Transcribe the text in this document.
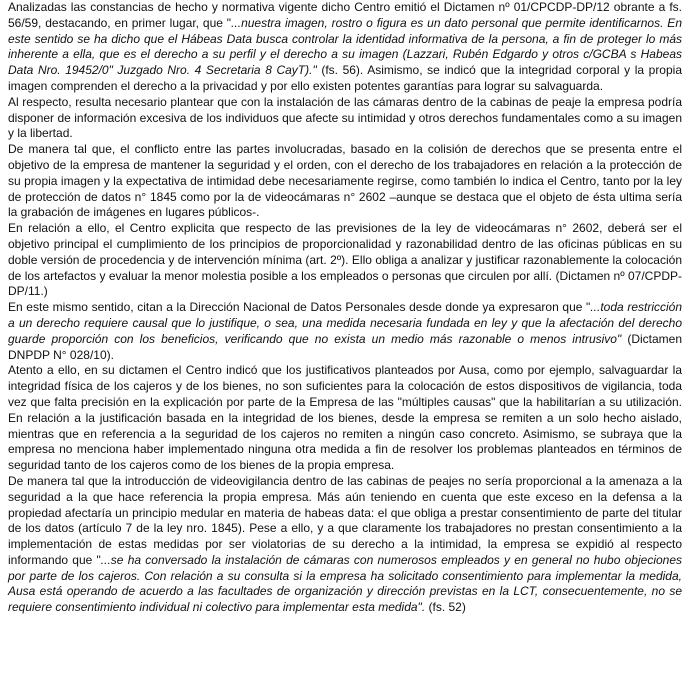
Analizadas las constancias de hecho y normativa vigente dicho Centro emitió el Dictamen nº 01/CPCDP-DP/12 obrante a fs. 56/59, destacando, en primer lugar, que "...nuestra imagen, rostro o figura es un dato personal que permite identificarnos. En este sentido se ha dicho que el Hábeas Data busca controlar la identidad informativa de la persona, a fin de proteger lo más inherente a ella, que es el derecho a su perfil y el derecho a su imagen (Lazzari, Rubén Edgardo y otros c/GCBA s Habeas Data Nro. 19452/0" Juzgado Nro. 4 Secretaria 8 CayT)." (fs. 56). Asimismo, se indicó que la integridad corporal y la propia imagen comprenden el derecho a la privacidad y por ello existen potentes garantías para lograr su salvaguarda.

Al respecto, resulta necesario plantear que con la instalación de las cámaras dentro de la cabinas de peaje la empresa podría disponer de información excesiva de los individuos que afecte su intimidad y otros derechos fundamentales como a su imagen y la libertad.

De manera tal que, el conflicto entre las partes involucradas, basado en la colisión de derechos que se presenta entre el objetivo de la empresa de mantener la seguridad y el orden, con el derecho de los trabajadores en relación a la protección de su propia imagen y la expectativa de intimidad debe necesariamente regirse, como también lo indica el Centro, tanto por la ley de protección de datos n° 1845 como por la de videocámaras n° 2602 –aunque se destaca que el objeto de ésta ultima sería la grabación de imágenes en lugares públicos-.

En relación a ello, el Centro explicita que respecto de las previsiones de la ley de videocámaras n° 2602, deberá ser el objetivo principal el cumplimiento de los principios de proporcionalidad y razonabilidad dentro de las oficinas públicas en su doble versión de procedencia y de intervención mínima (art. 2º). Ello obliga a analizar y justificar razonablemente la colocación de los artefactos y evaluar la menor molestia posible a los empleados o personas que circulen por allí. (Dictamen nº 07/CPDP-DP/11.)

En este mismo sentido, citan a la Dirección Nacional de Datos Personales desde donde ya expresaron que "...toda restricción a un derecho requiere causal que lo justifique, o sea, una medida necesaria fundada en ley y que la afectación del derecho guarde proporción con los beneficios, verificando que no exista un medio más razonable o menos intrusivo" (Dictamen DNPDP N° 028/10).

Atento a ello, en su dictamen el Centro indicó que los justificativos planteados por Ausa, como por ejemplo, salvaguardar la integridad física de los cajeros y de los bienes, no son suficientes para la colocación de estos dispositivos de vigilancia, toda vez que falta precisión en la explicación por parte de la Empresa de las "múltiples causas" que la habilitarían a su utilización. En relación a la justificación basada en la integridad de los bienes, desde la empresa se remiten a un solo hecho aislado, mientras que en referencia a la seguridad de los cajeros no remiten a ningún caso concreto. Asimismo, se subraya que la empresa no menciona haber implementado ninguna otra medida a fin de resolver los problemas planteados en términos de seguridad tanto de los cajeros como de los bienes de la propia empresa.

De manera tal que la introducción de videovigilancia dentro de las cabinas de peajes no sería proporcional a la amenaza a la seguridad a la que hace referencia la propia empresa. Más aún teniendo en cuenta que este exceso en la defensa a la propiedad afectaría un principio medular en materia de habeas data: el que obliga a prestar consentimiento de parte del titular de los datos (artículo 7 de la ley nro. 1845). Pese a ello, y a que claramente los trabajadores no prestan consentimiento a la implementación de estas medidas por ser violatorias de su derecho a la intimidad, la empresa se expidió al respecto informando que "...se ha conversado la instalación de cámaras con numerosos empleados y en general no hubo objeciones por parte de los cajeros. Con relación a su consulta si la empresa ha solicitado consentimiento para implementar la medida, Ausa está operando de acuerdo a las facultades de organización y dirección previstas en la LCT, consecuentemente, no se requiere consentimiento individual ni colectivo para implementar esta medida". (fs. 52)
